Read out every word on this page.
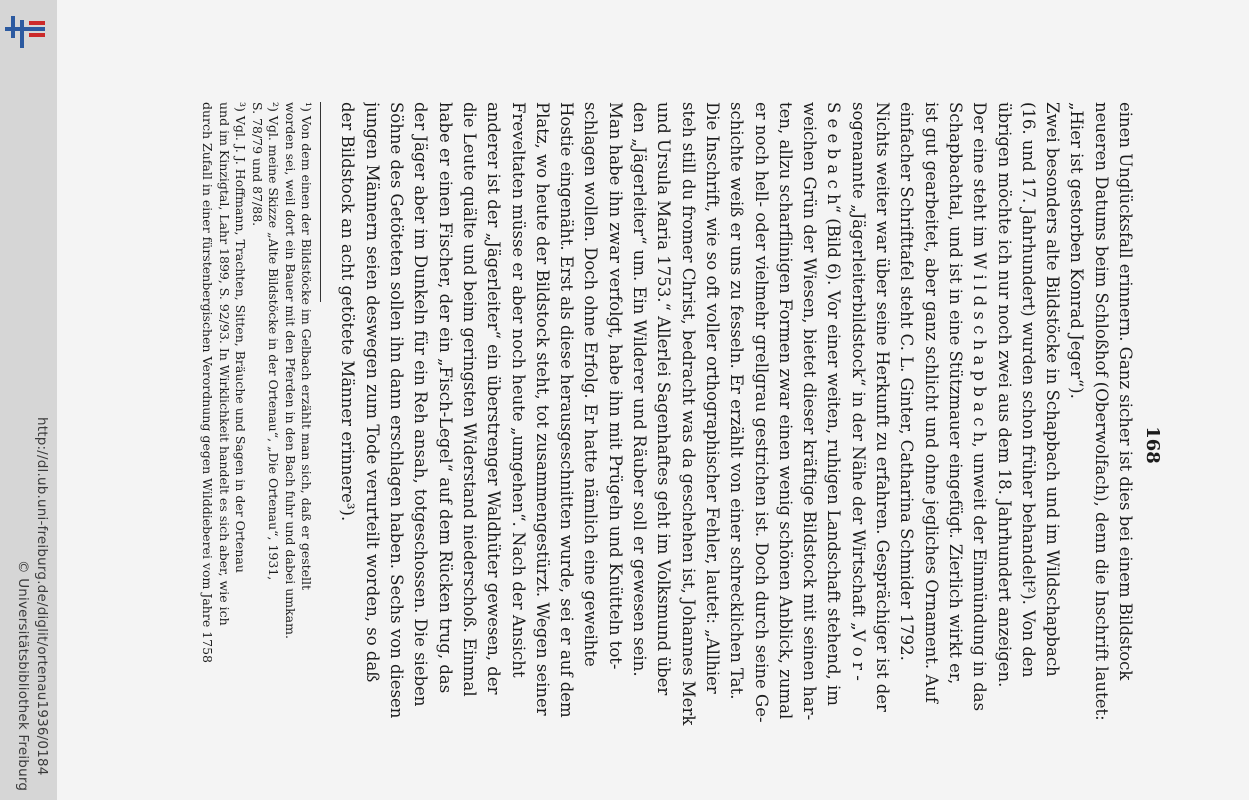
http://dl.ub.uni-freiburg.de/diglit/ortenau1936/0184
© Universitätsbibliothek Freiburg
168
einen Unglücksfall erinnern. Ganz sicher ist dies bei einem Bildstock
neueren Datums beim Schloßhof (Oberwolfach), denn die Inschrift lautet:
„Hier ist gestorben Konrad Jeger“).
Zwei besonders alte Bildstöcke in Schapbach und im Wildschapbach
(16. und 17. Jahrhundert) wurden schon früher behandelt²). Von den
übrigen möchte ich nur noch zwei aus dem 18. Jahrhundert anzeigen.
Der eine steht im W i l d s c h a p b a c h, unweit der Einmündung in das
Schapbachtal, und ist in eine Stützmauer eingefügt. Zierlich wirkt er,
ist gut gearbeitet, aber ganz schlicht und ohne jegliches Ornament. Auf
einfacher Schrifttafel steht C. L. Ginter, Catharina Schmider 1792.
Nichts weiter war über seine Herkunft zu erfahren. Gesprächiger ist der
sogenannte „Jägerleiterbildstock“ in der Nähe der Wirtschaft „V o r -
S e e b a c h“ (Bild 6). Vor einer weiten, ruhigen Landschaft stehend, im
weichen Grün der Wiesen, bietet dieser kräftige Bildstock mit seinen har-
ten, allzu scharflinigen Formen zwar einen wenig schönen Anblick, zumal
er noch hell- oder vielmehr grellgrau gestrichen ist. Doch durch seine Ge-
schichte weiß er uns zu fesseln. Er erzählt von einer schrecklichen Tat.
Die Inschrift, wie so oft voller orthographischer Fehler, lautet: „Allhier
steh still du fromer Christ, bedracht was da geschehen ist, Johannes Merk
und Ursula Maria 1753.“ Allerlei Sagenhaftes geht im Volksmund über
den „Jägerleiter“ um. Ein Wilderer und Räuber soll er gewesen sein.
Man habe ihn zwar verfolgt, habe ihn mit Prügeln und Knütteln tot-
schlagen wollen. Doch ohne Erfolg. Er hatte nämlich eine geweihte
Hostie eingenäht. Erst als diese herausgeschnitten wurde, sei er auf dem
Platz, wo heute der Bildstock steht, tot zusammengestürzt. Wegen seiner
Freveltaten müsse er aber noch heute „umgehen“. Nach der Ansicht
anderer ist der „Jägerleiter“ ein überstrenger Waldhüter gewesen, der
die Leute quälte und beim geringsten Widerstand niederschoß. Einmal
habe er einen Fischer, der ein „Fisch-Legel“ auf dem Rücken trug, das
der Jäger aber im Dunkeln für ein Reh ansah, totgeschossen. Die sieben
Söhne des Getöteten sollen ihn dann erschlagen haben. Sechs von diesen
jungen Männern seien deswegen zum Tode verurteilt worden, so daß
der Bildstock an acht getötete Männer erinnere³).
¹) Von dem einen der Bildstöcke im Gelbach erzählt man sich, daß er gestellt
worden sei, weil dort ein Bauer mit den Pferden in den Bach fuhr und dabei umkam.
²) Vgl. meine Skizze „Alte Bildstöcke in der Ortenau“, „Die Ortenau“, 1931,
S. 78/79 und 87/88.
³) Vgl. J. J. Hoffmann, Trachten, Sitten, Bräuche und Sagen in der Ortenau
und im Kinzigtal, Lahr 1899, S. 92/93. In Wirklichkeit handelt es sich aber, wie ich
durch Zufall in einer fürstenbergischen Verordnung gegen Wilddieberei vom Jahre 1758
